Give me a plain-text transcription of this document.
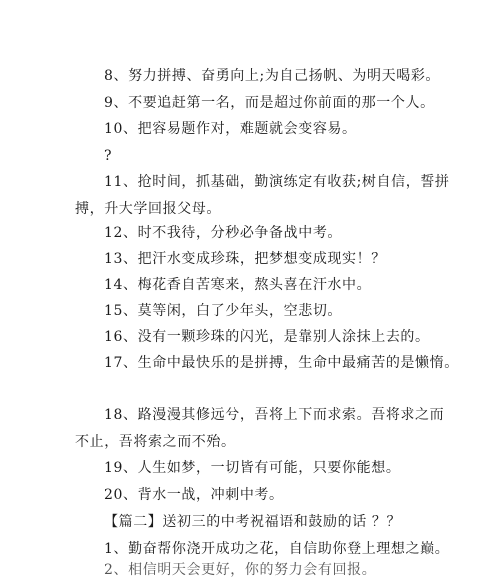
8、努力拼搏、奋勇向上;为自己扬帆、为明天喝彩。
9、不要追赶第一名，而是超过你前面的那一个人。
10、把容易题作对，难题就会变容易。
?
11、抢时间，抓基础，勤演练定有收获;树自信，誓拼
搏，升大学回报父母。
12、时不我待，分秒必争备战中考。
13、把汗水变成珍珠，把梦想变成现实！？
14、梅花香自苦寒来，熬头喜在汗水中。
15、莫等闲，白了少年头，空悲切。
16、没有一颗珍珠的闪光，是靠别人涂抹上去的。
17、生命中最快乐的是拼搏，生命中最痛苦的是懒惰。
18、路漫漫其修远兮，吾将上下而求索。吾将求之而
不止，吾将索之而不殆。
19、人生如梦，一切皆有可能，只要你能想。
20、背水一战，冲刺中考。
【篇二】送初三的中考祝福语和鼓励的话 ？？
1、勤奋帮你浇开成功之花，自信助你登上理想之巅。
2、相信明天会更好，你的努力会有回报。
